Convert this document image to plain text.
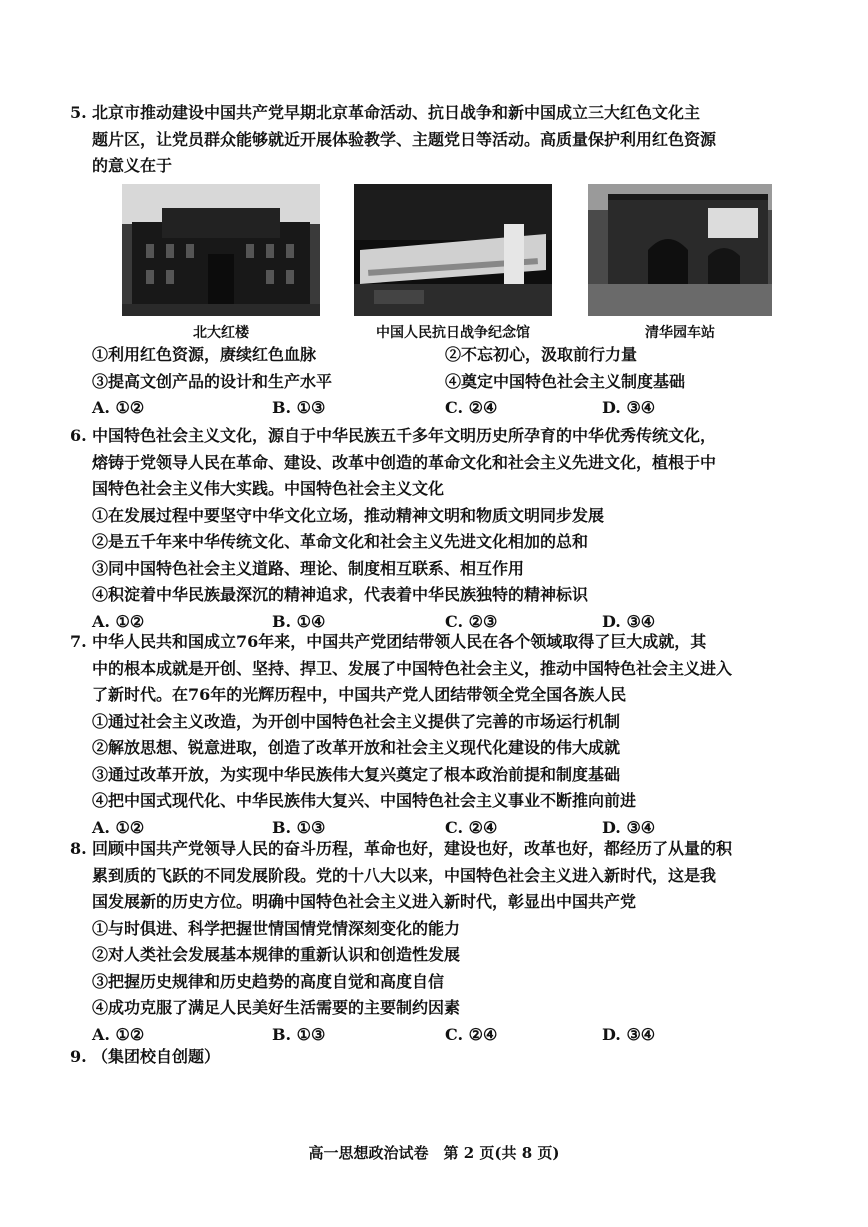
5. 北京市推动建设中国共产党早期北京革命活动、抗日战争和新中国成立三大红色文化主
题片区，让党员群众能够就近开展体验教学、主题党日等活动。高质量保护利用红色资源
的意义在于
北大红楼	中国人民抗日战争纪念馆	清华园车站
①利用红色资源，赓续红色血脉	②不忘初心，汲取前行力量
③提高文创产品的设计和生产水平	④奠定中国特色社会主义制度基础
A. ①②	B. ①③	C. ②④	D. ③④
6. 中国特色社会主义文化，源自于中华民族五千多年文明历史所孕育的中华优秀传统文化，
熔铸于党领导人民在革命、建设、改革中创造的革命文化和社会主义先进文化，植根于中
国特色社会主义伟大实践。中国特色社会主义文化
①在发展过程中要坚守中华文化立场，推动精神文明和物质文明同步发展
②是五千年来中华传统文化、革命文化和社会主义先进文化相加的总和
③同中国特色社会主义道路、理论、制度相互联系、相互作用
④积淀着中华民族最深沉的精神追求，代表着中华民族独特的精神标识
A. ①②	B. ①④	C. ②③	D. ③④
7. 中华人民共和国成立76年来，中国共产党团结带领人民在各个领域取得了巨大成就，其
中的根本成就是开创、坚持、捍卫、发展了中国特色社会主义，推动中国特色社会主义进入
了新时代。在76年的光辉历程中，中国共产党人团结带领全党全国各族人民
①通过社会主义改造，为开创中国特色社会主义提供了完善的市场运行机制
②解放思想、锐意进取，创造了改革开放和社会主义现代化建设的伟大成就
③通过改革开放，为实现中华民族伟大复兴奠定了根本政治前提和制度基础
④把中国式现代化、中华民族伟大复兴、中国特色社会主义事业不断推向前进
A. ①②	B. ①③	C. ②④	D. ③④
8. 回顾中国共产党领导人民的奋斗历程，革命也好，建设也好，改革也好，都经历了从量的积
累到质的飞跃的不同发展阶段。党的十八大以来，中国特色社会主义进入新时代，这是我
国发展新的历史方位。明确中国特色社会主义进入新时代，彰显出中国共产党
①与时俱进、科学把握世情国情党情深刻变化的能力
②对人类社会发展基本规律的重新认识和创造性发展
③把握历史规律和历史趋势的高度自觉和高度自信
④成功克服了满足人民美好生活需要的主要制约因素
A. ①②	B. ①③	C. ②④	D. ③④
9. （集团校自创题）
高一思想政治试卷　第 2 页(共 8 页)
